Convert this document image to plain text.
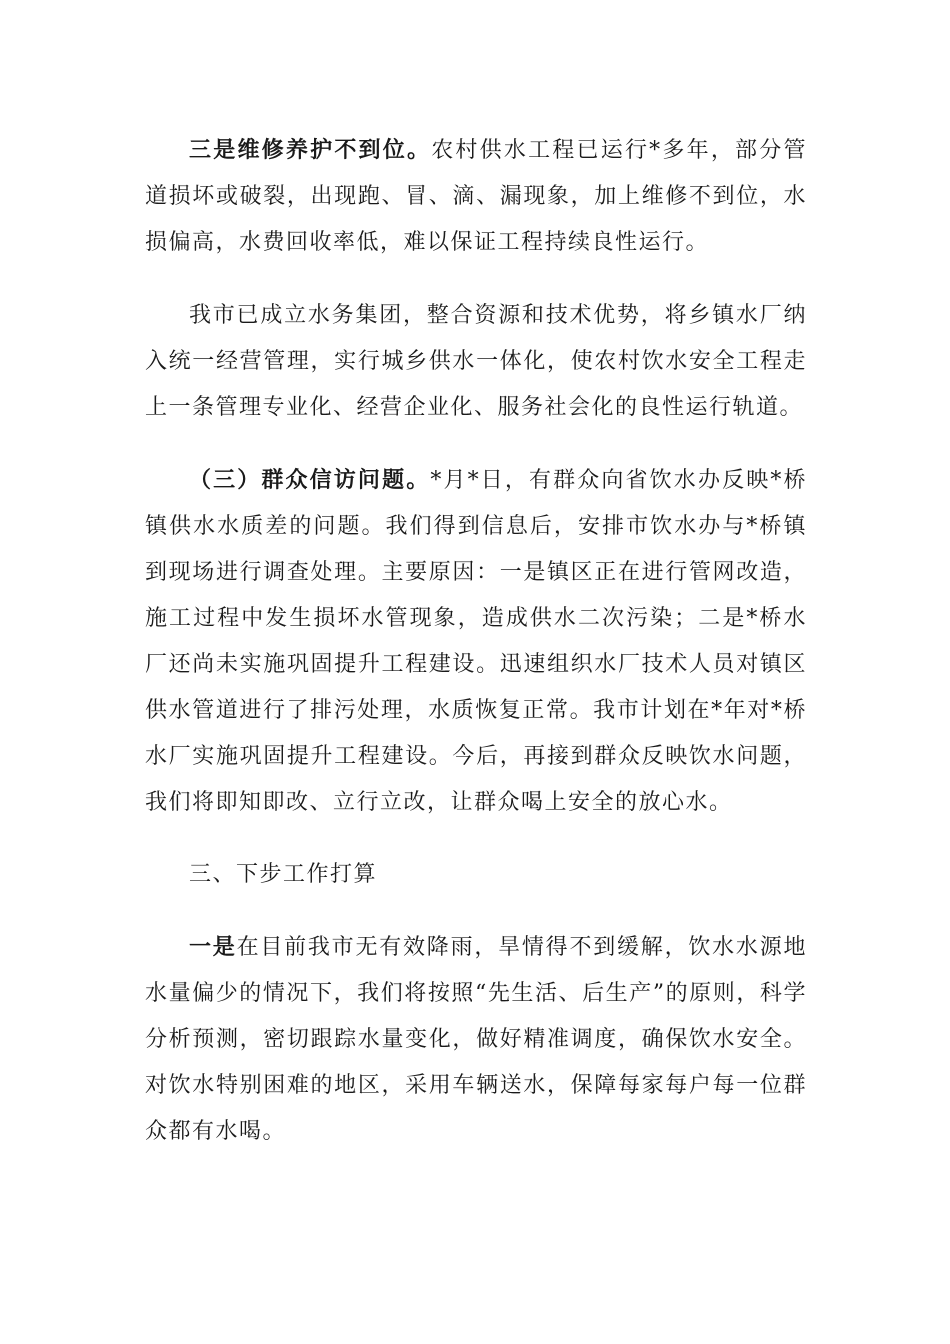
三是维修养护不到位。农村供水工程已运行*多年，部分管道损坏或破裂，出现跑、冒、滴、漏现象，加上维修不到位，水损偏高，水费回收率低，难以保证工程持续良性运行。

我市已成立水务集团，整合资源和技术优势，将乡镇水厂纳入统一经营管理，实行城乡供水一体化，使农村饮水安全工程走上一条管理专业化、经营企业化、服务社会化的良性运行轨道。

（三）群众信访问题。*月*日，有群众向省饮水办反映*桥镇供水水质差的问题。我们得到信息后，安排市饮水办与*桥镇到现场进行调查处理。主要原因：一是镇区正在进行管网改造，施工过程中发生损坏水管现象，造成供水二次污染；二是*桥水厂还尚未实施巩固提升工程建设。迅速组织水厂技术人员对镇区供水管道进行了排污处理，水质恢复正常。我市计划在*年对*桥水厂实施巩固提升工程建设。今后，再接到群众反映饮水问题，我们将即知即改、立行立改，让群众喝上安全的放心水。

三、下步工作打算

一是在目前我市无有效降雨，旱情得不到缓解，饮水水源地水量偏少的情况下，我们将按照“先生活、后生产”的原则，科学分析预测，密切跟踪水量变化，做好精准调度，确保饮水安全。对饮水特别困难的地区，采用车辆送水，保障每家每户每一位群众都有水喝。
